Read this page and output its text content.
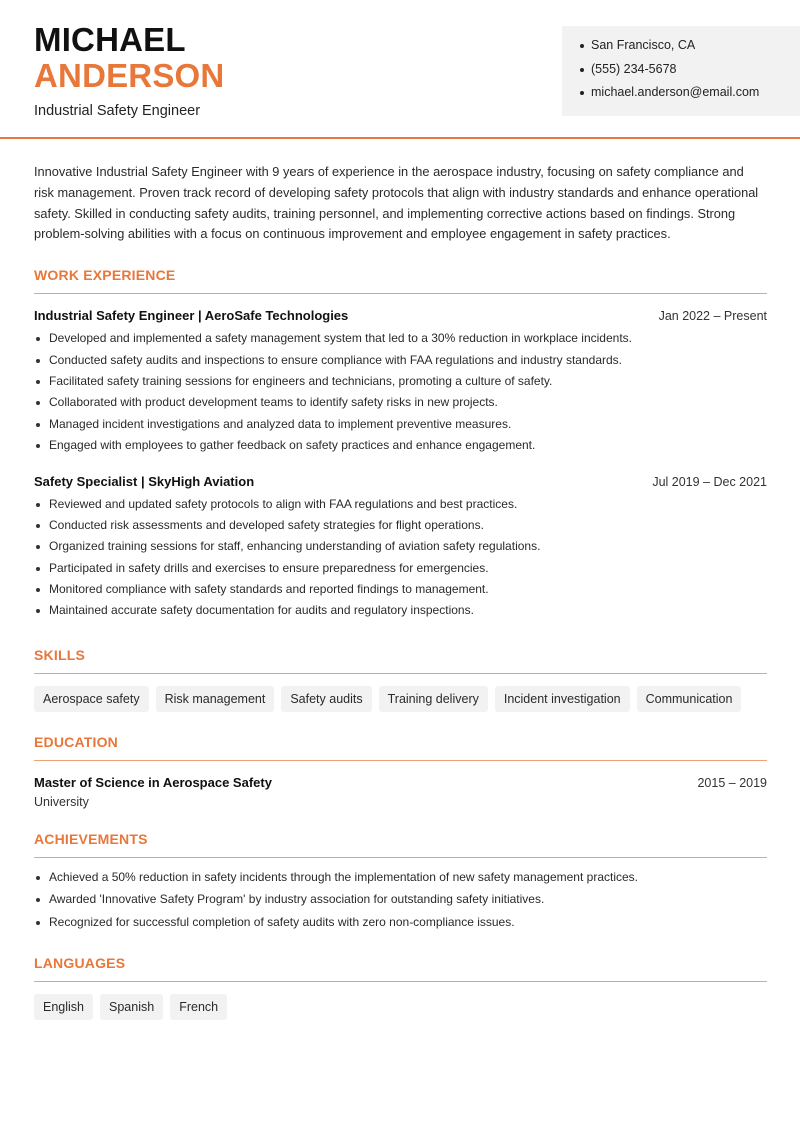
MICHAEL
ANDERSON
Industrial Safety Engineer
San Francisco, CA
(555) 234-5678
michael.anderson@email.com

Innovative Industrial Safety Engineer with 9 years of experience in the aerospace industry, focusing on safety compliance and risk management. Proven track record of developing safety protocols that align with industry standards and enhance operational safety. Skilled in conducting safety audits, training personnel, and implementing corrective actions based on findings. Strong problem-solving abilities with a focus on continuous improvement and employee engagement in safety practices.

WORK EXPERIENCE
Industrial Safety Engineer | AeroSafe Technologies	Jan 2022 – Present
Developed and implemented a safety management system that led to a 30% reduction in workplace incidents.
Conducted safety audits and inspections to ensure compliance with FAA regulations and industry standards.
Facilitated safety training sessions for engineers and technicians, promoting a culture of safety.
Collaborated with product development teams to identify safety risks in new projects.
Managed incident investigations and analyzed data to implement preventive measures.
Engaged with employees to gather feedback on safety practices and enhance engagement.
Safety Specialist | SkyHigh Aviation	Jul 2019 – Dec 2021
Reviewed and updated safety protocols to align with FAA regulations and best practices.
Conducted risk assessments and developed safety strategies for flight operations.
Organized training sessions for staff, enhancing understanding of aviation safety regulations.
Participated in safety drills and exercises to ensure preparedness for emergencies.
Monitored compliance with safety standards and reported findings to management.
Maintained accurate safety documentation for audits and regulatory inspections.
SKILLS
Aerospace safety	Risk management	Safety audits	Training delivery	Incident investigation	Communication
EDUCATION
Master of Science in Aerospace Safety	2015 – 2019
University
ACHIEVEMENTS
Achieved a 50% reduction in safety incidents through the implementation of new safety management practices.
Awarded 'Innovative Safety Program' by industry association for outstanding safety initiatives.
Recognized for successful completion of safety audits with zero non-compliance issues.
LANGUAGES
English	Spanish	French
